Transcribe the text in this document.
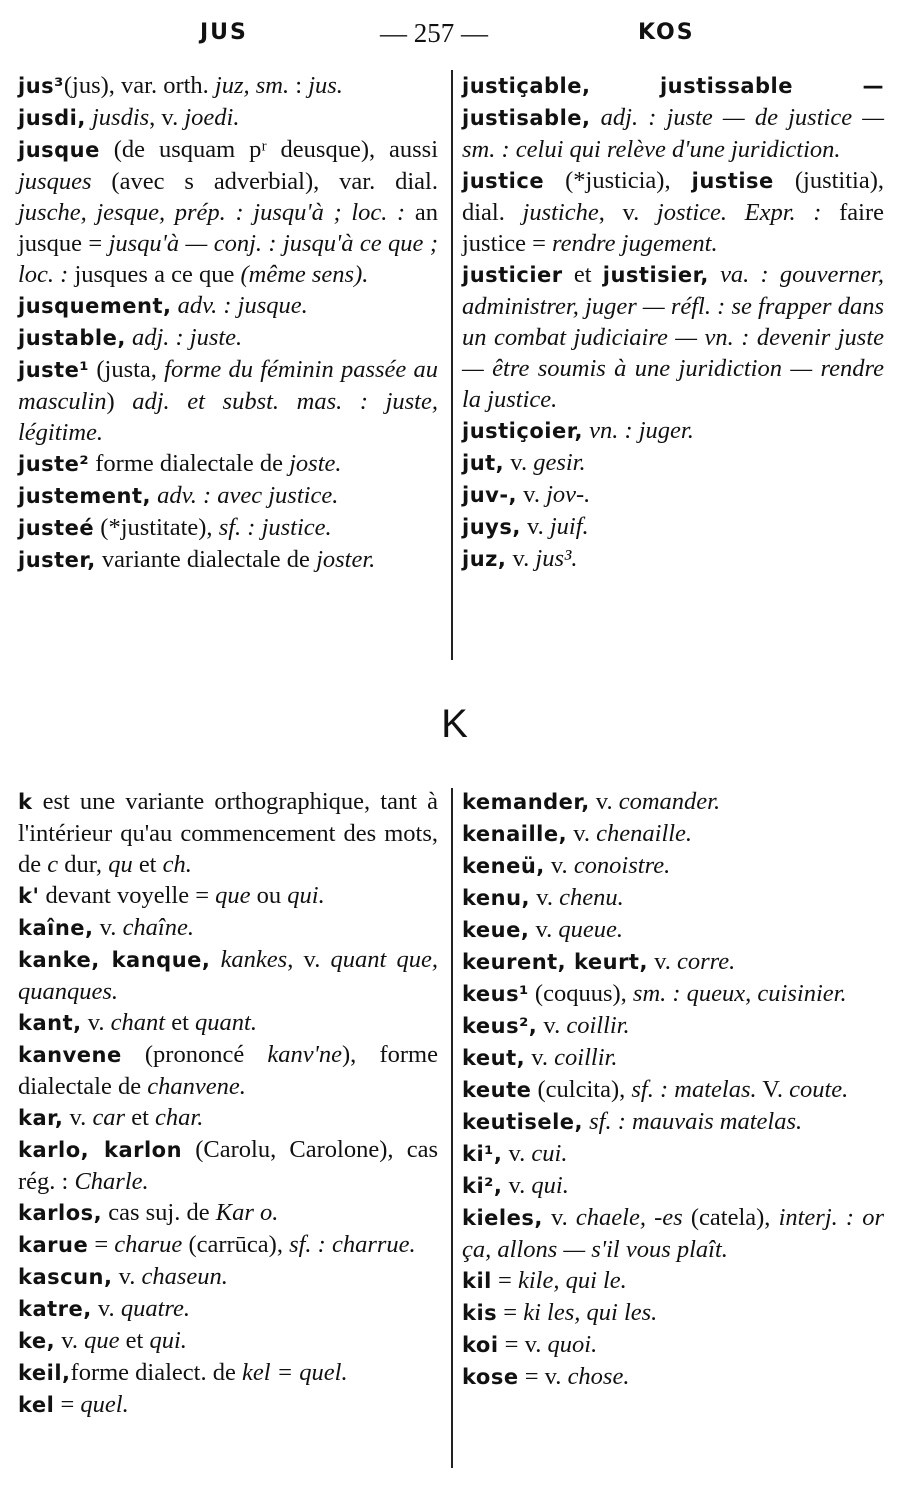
JUS	— 257 —	KOS
jus³(jus), var. orth. juz, sm. : jus.
jusdi, jusdis, v. joedi.
jusque (de usquam pʳ deusque), aussi jusques (avec s adverbial), var. dial. jusche, jesque, prép. : jusqu'à ; loc. : an jusque = jusqu'à — conj. : jusqu'à ce que ; loc. : jusques a ce que (même sens).
jusquement, adv. : jusque.
justable, adj. : juste.
juste¹ (justa, forme du féminin passée au masculin) adj. et subst. mas. : juste, légitime.
juste² forme dialectale de joste.
justement, adv. : avec justice.
justeé (*justitate), sf. : justice.
juster, variante dialectale de joster.
justiçable, justissable — justisable, adj. : juste — de justice — sm. : celui qui relève d'une juridiction.
justice (*justicia), justise (justitia), dial. justiche, v. jostice. Expr. : faire justice = rendre jugement.
justicier et justisier, va. : gouverner, administrer, juger — réfl. : se frapper dans un combat judiciaire — vn. : devenir juste — être soumis à une juridiction — rendre la justice.
justiçoier, vn. : juger.
jut, v. gesir.
juv-, v. jov-.
juys, v. juif.
juz, v. jus³.
K
k est une variante orthographique, tant à l'intérieur qu'au commencement des mots, de c dur, qu et ch.
k' devant voyelle = que ou qui.
kaîne, v. chaîne.
kanke, kanque, kankes, v. quant que, quanques.
kant, v. chant et quant.
kanvene (prononcé kanv'ne), forme dialectale de chanvene.
kar, v. car et char.
karlo, karlon (Carolu, Carolone), cas rég. : Charle.
karlos, cas suj. de Kar o.
karue = charue (carrūca), sf. : charrue.
kascun, v. chaseun.
katre, v. quatre.
ke, v. que et qui.
keil,forme dialect. de kel = quel.
kel = quel.
kemander, v. comander.
kenaille, v. chenaille.
keneü, v. conoistre.
kenu, v. chenu.
keue, v. queue.
keurent, keurt, v. corre.
keus¹ (coquus), sm. : queux, cuisinier.
keus², v. coillir.
keut, v. coillir.
keute (culcita), sf. : matelas. V. coute.
keutisele, sf. : mauvais matelas.
ki¹, v. cui.
ki², v. qui.
kieles, v. chaele, -es (catela), interj. : or ça, allons — s'il vous plaît.
kil = kile, qui le.
kis = ki les, qui les.
koi = v. quoi.
kose = v. chose.
